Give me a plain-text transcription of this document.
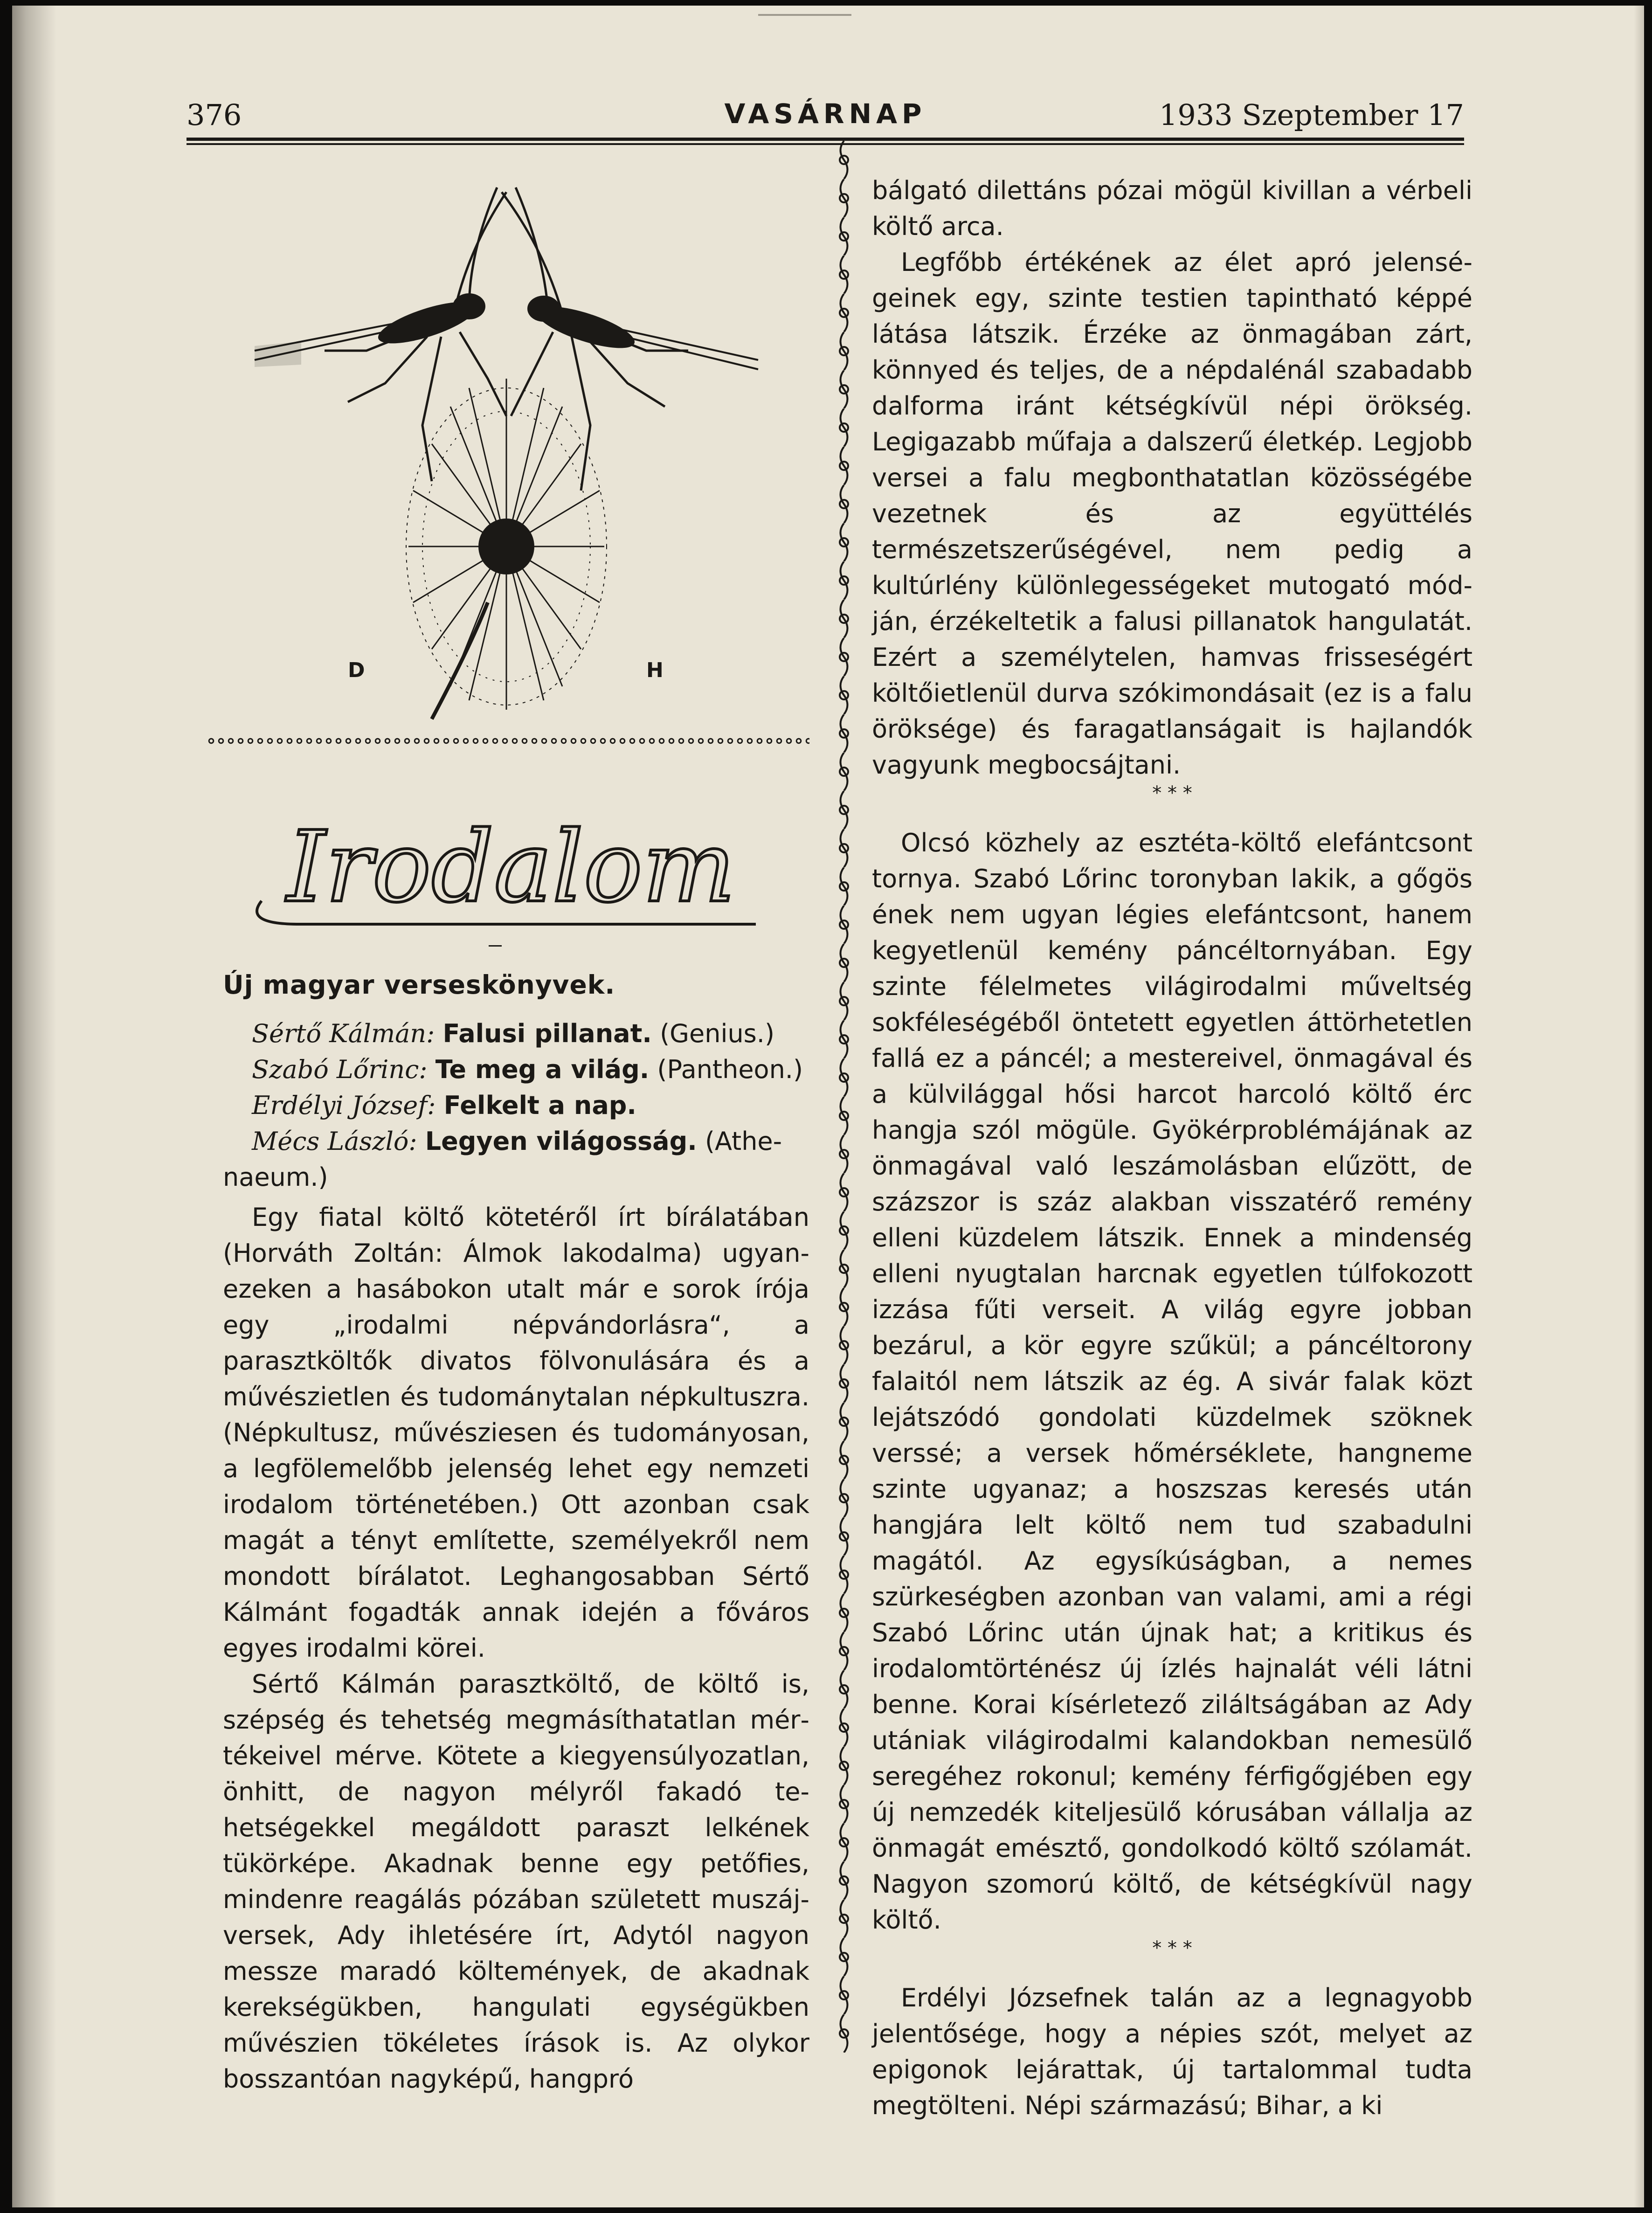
376	VASÁRNAP	1933 Szeptember 17
D	H
Irodalom
Új magyar verseskönyvek.

Sértő Kálmán: Falusi pillanat. (Genius.)

Szabó Lőrinc: Te meg a világ. (Pantheon.)

Erdélyi József: Felkelt a nap.

Mécs László: Legyen világosság. (Athenaeum.)

Egy fiatal költő kötetéről írt bírálatában (Horváth Zoltán: Álmok lakodalma) ugyanezeken a hasábokon utalt már e sorok írója egy „irodalmi népvándorlásra“, a parasztköltők divatos fölvonulására és a művészietlen és tudománytalan népkultuszra. (Népkultusz, művésziesen és tudományosan, a legfölemelőbb jelenség lehet egy nemzeti irodalom történetében.) Ott azonban csak magát a tényt említette, személyekről nem mondott bírálatot. Leghangosabban Sértő Kálmánt fogadták annak idején a főváros egyes irodalmi körei.

Sértő Kálmán parasztköltő, de költő is, szépség és tehetség megmásíthatatlan mértékeivel mérve. Kötete a kiegyensúlyozatlan, önhitt, de nagyon mélyről fakadó tehetségekkel megáldott paraszt lelkének tükörképe. Akadnak benne egy petőfies, mindenre reagálás pózában született muszáj-versek, Ady ihletésére írt, Adytól nagyon messze maradó költemények, de akadnak kerekségükben, hangulati egységükben művészien tökéletes írások is. Az olykor bosszantóan nagyképű, hangpró

bálgató dilettáns pózai mögül kivillan a vérbeli költő arca.

Legfőbb értékének az élet apró jelenségeinek egy, szinte testien tapintható képpé látása látszik. Érzéke az önmagában zárt, könnyed és teljes, de a népdalénál szabadabb dalforma iránt kétségkívül népi örökség. Legigazabb műfaja a dalszerű életkép. Legjobb versei a falu megbonthatatlan közösségébe vezetnek és az együttélés természetszerűségével, nem pedig a kultúrlény különlegességeket mutogató módján, érzékeltetik a falusi pillanatok hangulatát. Ezért a személytelen, hamvas frisseségért költőietlenül durva szókimondásait (ez is a falu öröksége) és faragatlanságait is hajlandók vagyunk megbocsájtani.

* * *

Olcsó közhely az esztéta-költő elefántcsont tornya. Szabó Lőrinc toronyban lakik, a gőgös ének nem ugyan légies elefántcsont, hanem kegyetlenül kemény páncéltornyában. Egy szinte félelmetes világirodalmi műveltség sokféleségéből öntetett egyetlen áttörhetetlen fallá ez a páncél; a mestereivel, önmagával és a külvilággal hősi harcot harcoló költő érc hangja szól mögüle. Gyökérproblémájának az önmagával való leszámolásban elűzött, de százszor is száz alakban visszatérő remény elleni küzdelem látszik. Ennek a mindenség elleni nyugtalan harcnak egyetlen túlfokozott izzása fűti verseit. A világ egyre jobban bezárul, a kör egyre szűkül; a páncéltorony falaitól nem látszik az ég. A sivár falak közt lejátszódó gondolati küzdelmek szöknek verssé; a versek hőmérséklete, hangneme szinte ugyanaz; a hoszszas keresés után hangjára lelt költő nem tud szabadulni magától. Az egysíkúságban, a nemes szürkeségben azonban van valami, ami a régi Szabó Lőrinc után újnak hat; a kritikus és irodalomtörténész új ízlés hajnalát véli látni benne. Korai kísérletező ziláltságában az Ady utániak világirodalmi kalandokban nemesülő seregéhez rokonul; kemény férfigőgjében egy új nemzedék kiteljesülő kórusában vállalja az önmagát emésztő, gondolkodó költő szólamát. Nagyon szomorú költő, de kétségkívül nagy költő.

* * *

Erdélyi Józsefnek talán az a legnagyobb jelentősége, hogy a népies szót, melyet az epigonok lejárattak, új tartalommal tudta megtölteni. Népi származású; Bihar, a ki
